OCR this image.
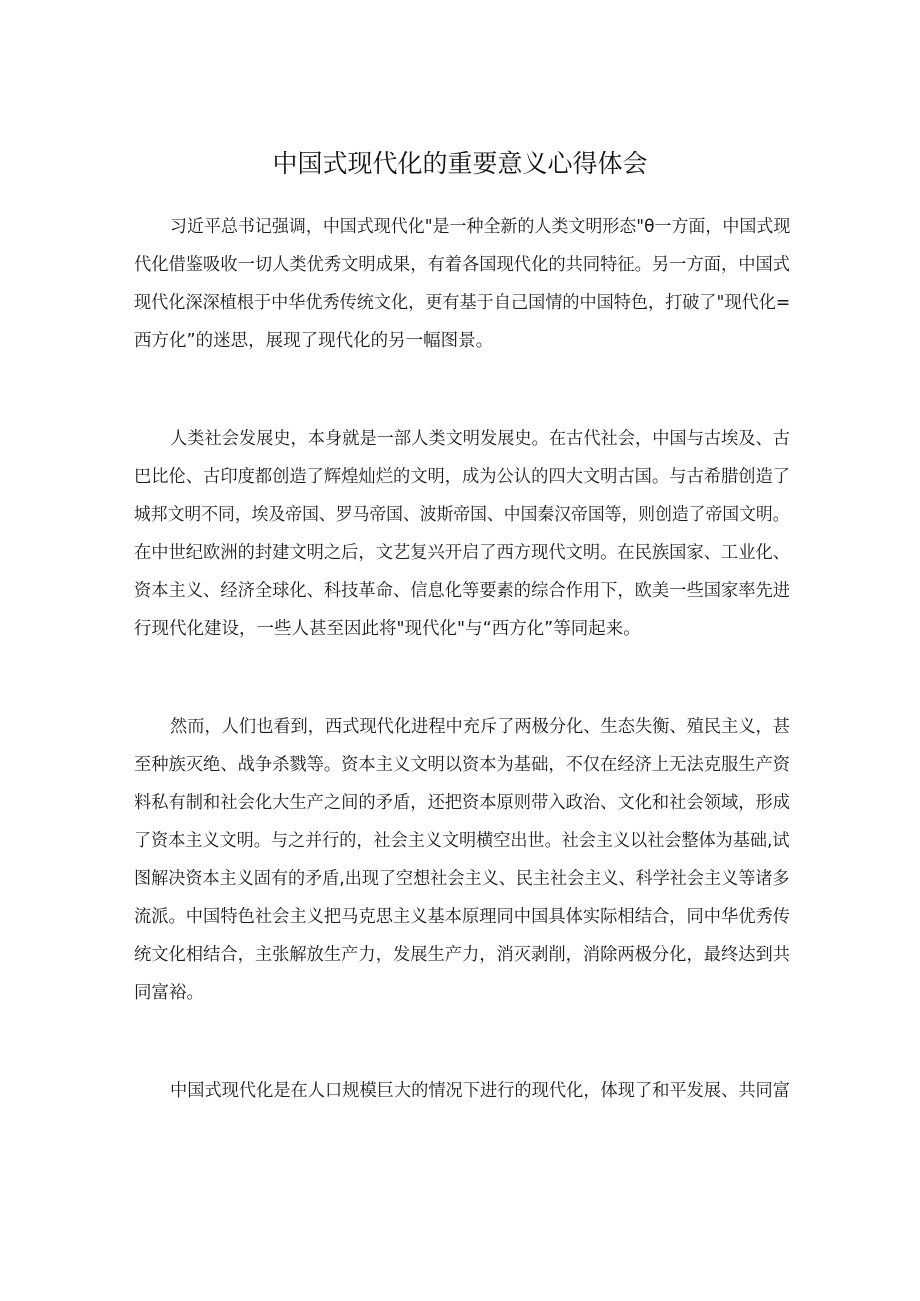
中国式现代化的重要意义心得体会
习近平总书记强调，中国式现代化"是一种全新的人类文明形态"θ一方面，中国式现
代化借鉴吸收一切人类优秀文明成果，有着各国现代化的共同特征。另一方面，中国式
现代化深深植根于中华优秀传统文化，更有基于自己国情的中国特色，打破了"现代化=
西方化”的迷思，展现了现代化的另一幅图景。
人类社会发展史，本身就是一部人类文明发展史。在古代社会，中国与古埃及、古
巴比伦、古印度都创造了辉煌灿烂的文明，成为公认的四大文明古国。与古希腊创造了
城邦文明不同，埃及帝国、罗马帝国、波斯帝国、中国秦汉帝国等，则创造了帝国文明。
在中世纪欧洲的封建文明之后，文艺复兴开启了西方现代文明。在民族国家、工业化、
资本主义、经济全球化、科技革命、信息化等要素的综合作用下，欧美一些国家率先进
行现代化建设，一些人甚至因此将"现代化"与“西方化”等同起来。
然而，人们也看到，西式现代化进程中充斥了两极分化、生态失衡、殖民主义，甚
至种族灭绝、战争杀戮等。资本主义文明以资本为基础，不仅在经济上无法克服生产资
料私有制和社会化大生产之间的矛盾，还把资本原则带入政治、文化和社会领域，形成
了资本主义文明。与之并行的，社会主义文明横空出世。社会主义以社会整体为基础,试
图解决资本主义固有的矛盾,出现了空想社会主义、民主社会主义、科学社会主义等诸多
流派。中国特色社会主义把马克思主义基本原理同中国具体实际相结合，同中华优秀传
统文化相结合，主张解放生产力，发展生产力，消灭剥削，消除两极分化，最终达到共
同富裕。
中国式现代化是在人口规模巨大的情况下进行的现代化，体现了和平发展、共同富
